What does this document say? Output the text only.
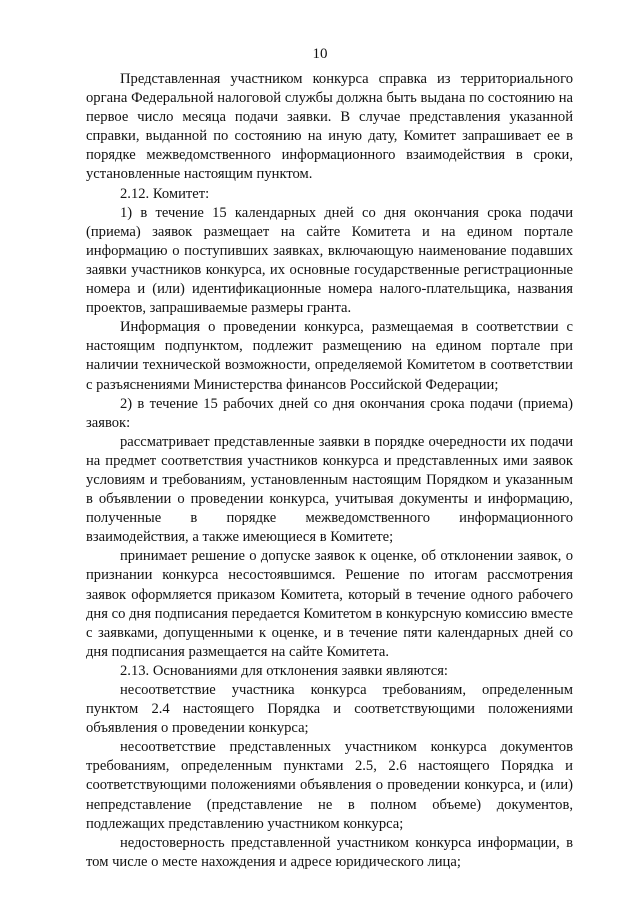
10

Представленная участником конкурса справка из территориального органа Федеральной налоговой службы должна быть выдана по состоянию на первое число месяца подачи заявки. В случае представления указанной справки, выданной по состоянию на иную дату, Комитет запрашивает ее в порядке межведомственного информационного взаимодействия в сроки, установленные настоящим пунктом.

2.12. Комитет:

1) в течение 15 календарных дней со дня окончания срока подачи (приема) заявок размещает на сайте Комитета и на едином портале информацию о поступивших заявках, включающую наименование подавших заявки участников конкурса, их основные государственные регистрационные номера и (или) идентификационные номера налого-плательщика, названия проектов, запрашиваемые размеры гранта.

Информация о проведении конкурса, размещаемая в соответствии с настоящим подпунктом, подлежит размещению на едином портале при наличии технической возможности, определяемой Комитетом в соответствии с разъяснениями Министерства финансов Российской Федерации;

2) в течение 15 рабочих дней со дня окончания срока подачи (приема) заявок:

рассматривает представленные заявки в порядке очередности их подачи на предмет соответствия участников конкурса и представленных ими заявок условиям и требованиям, установленным настоящим Порядком и указанным в объявлении о проведении конкурса, учитывая документы и информацию, полученные в порядке межведомственного информационного взаимодействия, а также имеющиеся в Комитете;

принимает решение о допуске заявок к оценке, об отклонении заявок, о признании конкурса несостоявшимся. Решение по итогам рассмотрения заявок оформляется приказом Комитета, который в течение одного рабочего дня со дня подписания передается Комитетом в конкурсную комиссию вместе с заявками, допущенными к оценке, и в течение пяти календарных дней со дня подписания размещается на сайте Комитета.

2.13. Основаниями для отклонения заявки являются:

несоответствие участника конкурса требованиям, определенным пунктом 2.4 настоящего Порядка и соответствующими положениями объявления о проведении конкурса;

несоответствие представленных участником конкурса документов требованиям, определенным пунктами 2.5, 2.6 настоящего Порядка и соответствующими положениями объявления о проведении конкурса, и (или) непредставление (представление не в полном объеме) документов, подлежащих представлению участником конкурса;

недостоверность представленной участником конкурса информации, в том числе о месте нахождения и адресе юридического лица;
